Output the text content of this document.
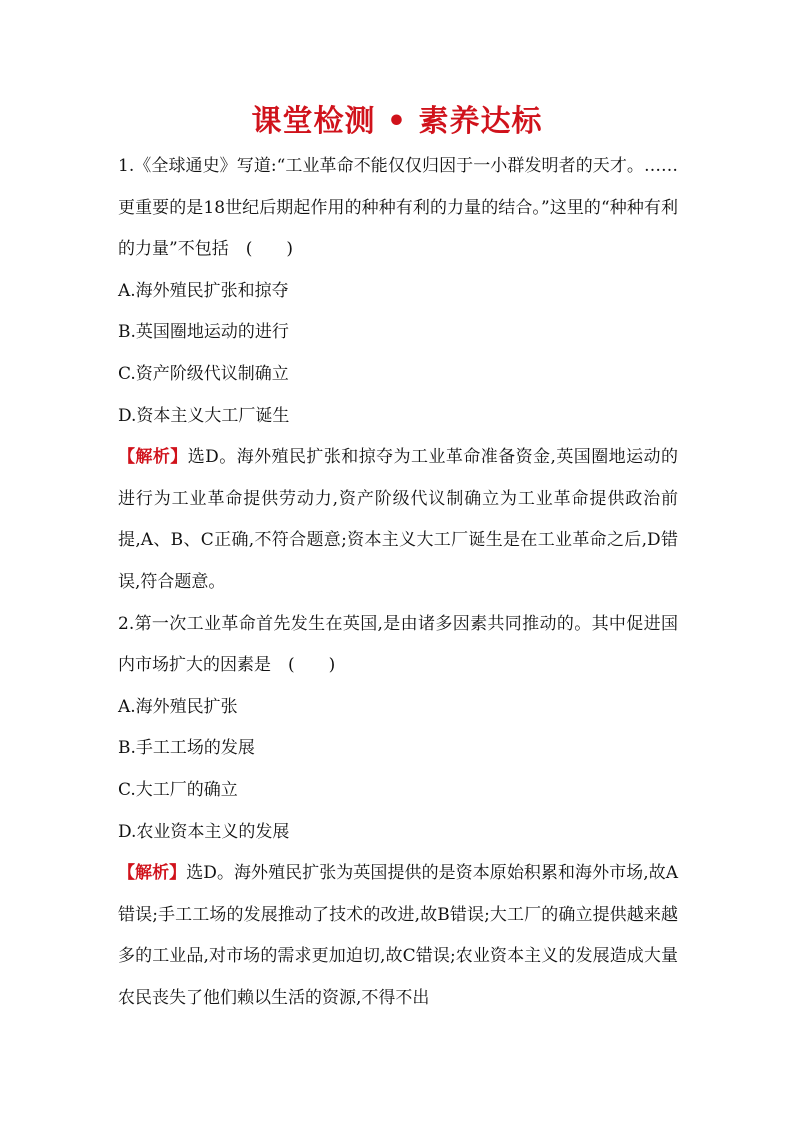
课堂检测 • 素养达标

1.《全球通史》写道:“工业革命不能仅仅归因于一小群发明者的天才。……更重要的是18世纪后期起作用的种种有利的力量的结合。”这里的“种种有利的力量”不包括　(　　)

A.海外殖民扩张和掠夺

B.英国圈地运动的进行

C.资产阶级代议制确立

D.资本主义大工厂诞生

【解析】选D。海外殖民扩张和掠夺为工业革命准备资金,英国圈地运动的进行为工业革命提供劳动力,资产阶级代议制确立为工业革命提供政治前提,A、B、C正确,不符合题意;资本主义大工厂诞生是在工业革命之后,D错误,符合题意。

2.第一次工业革命首先发生在英国,是由诸多因素共同推动的。其中促进国内市场扩大的因素是　(　　)

A.海外殖民扩张

B.手工工场的发展

C.大工厂的确立

D.农业资本主义的发展

【解析】选D。海外殖民扩张为英国提供的是资本原始积累和海外市场,故A错误;手工工场的发展推动了技术的改进,故B错误;大工厂的确立提供越来越多的工业品,对市场的需求更加迫切,故C错误;农业资本主义的发展造成大量农民丧失了他们赖以生活的资源,不得不出
